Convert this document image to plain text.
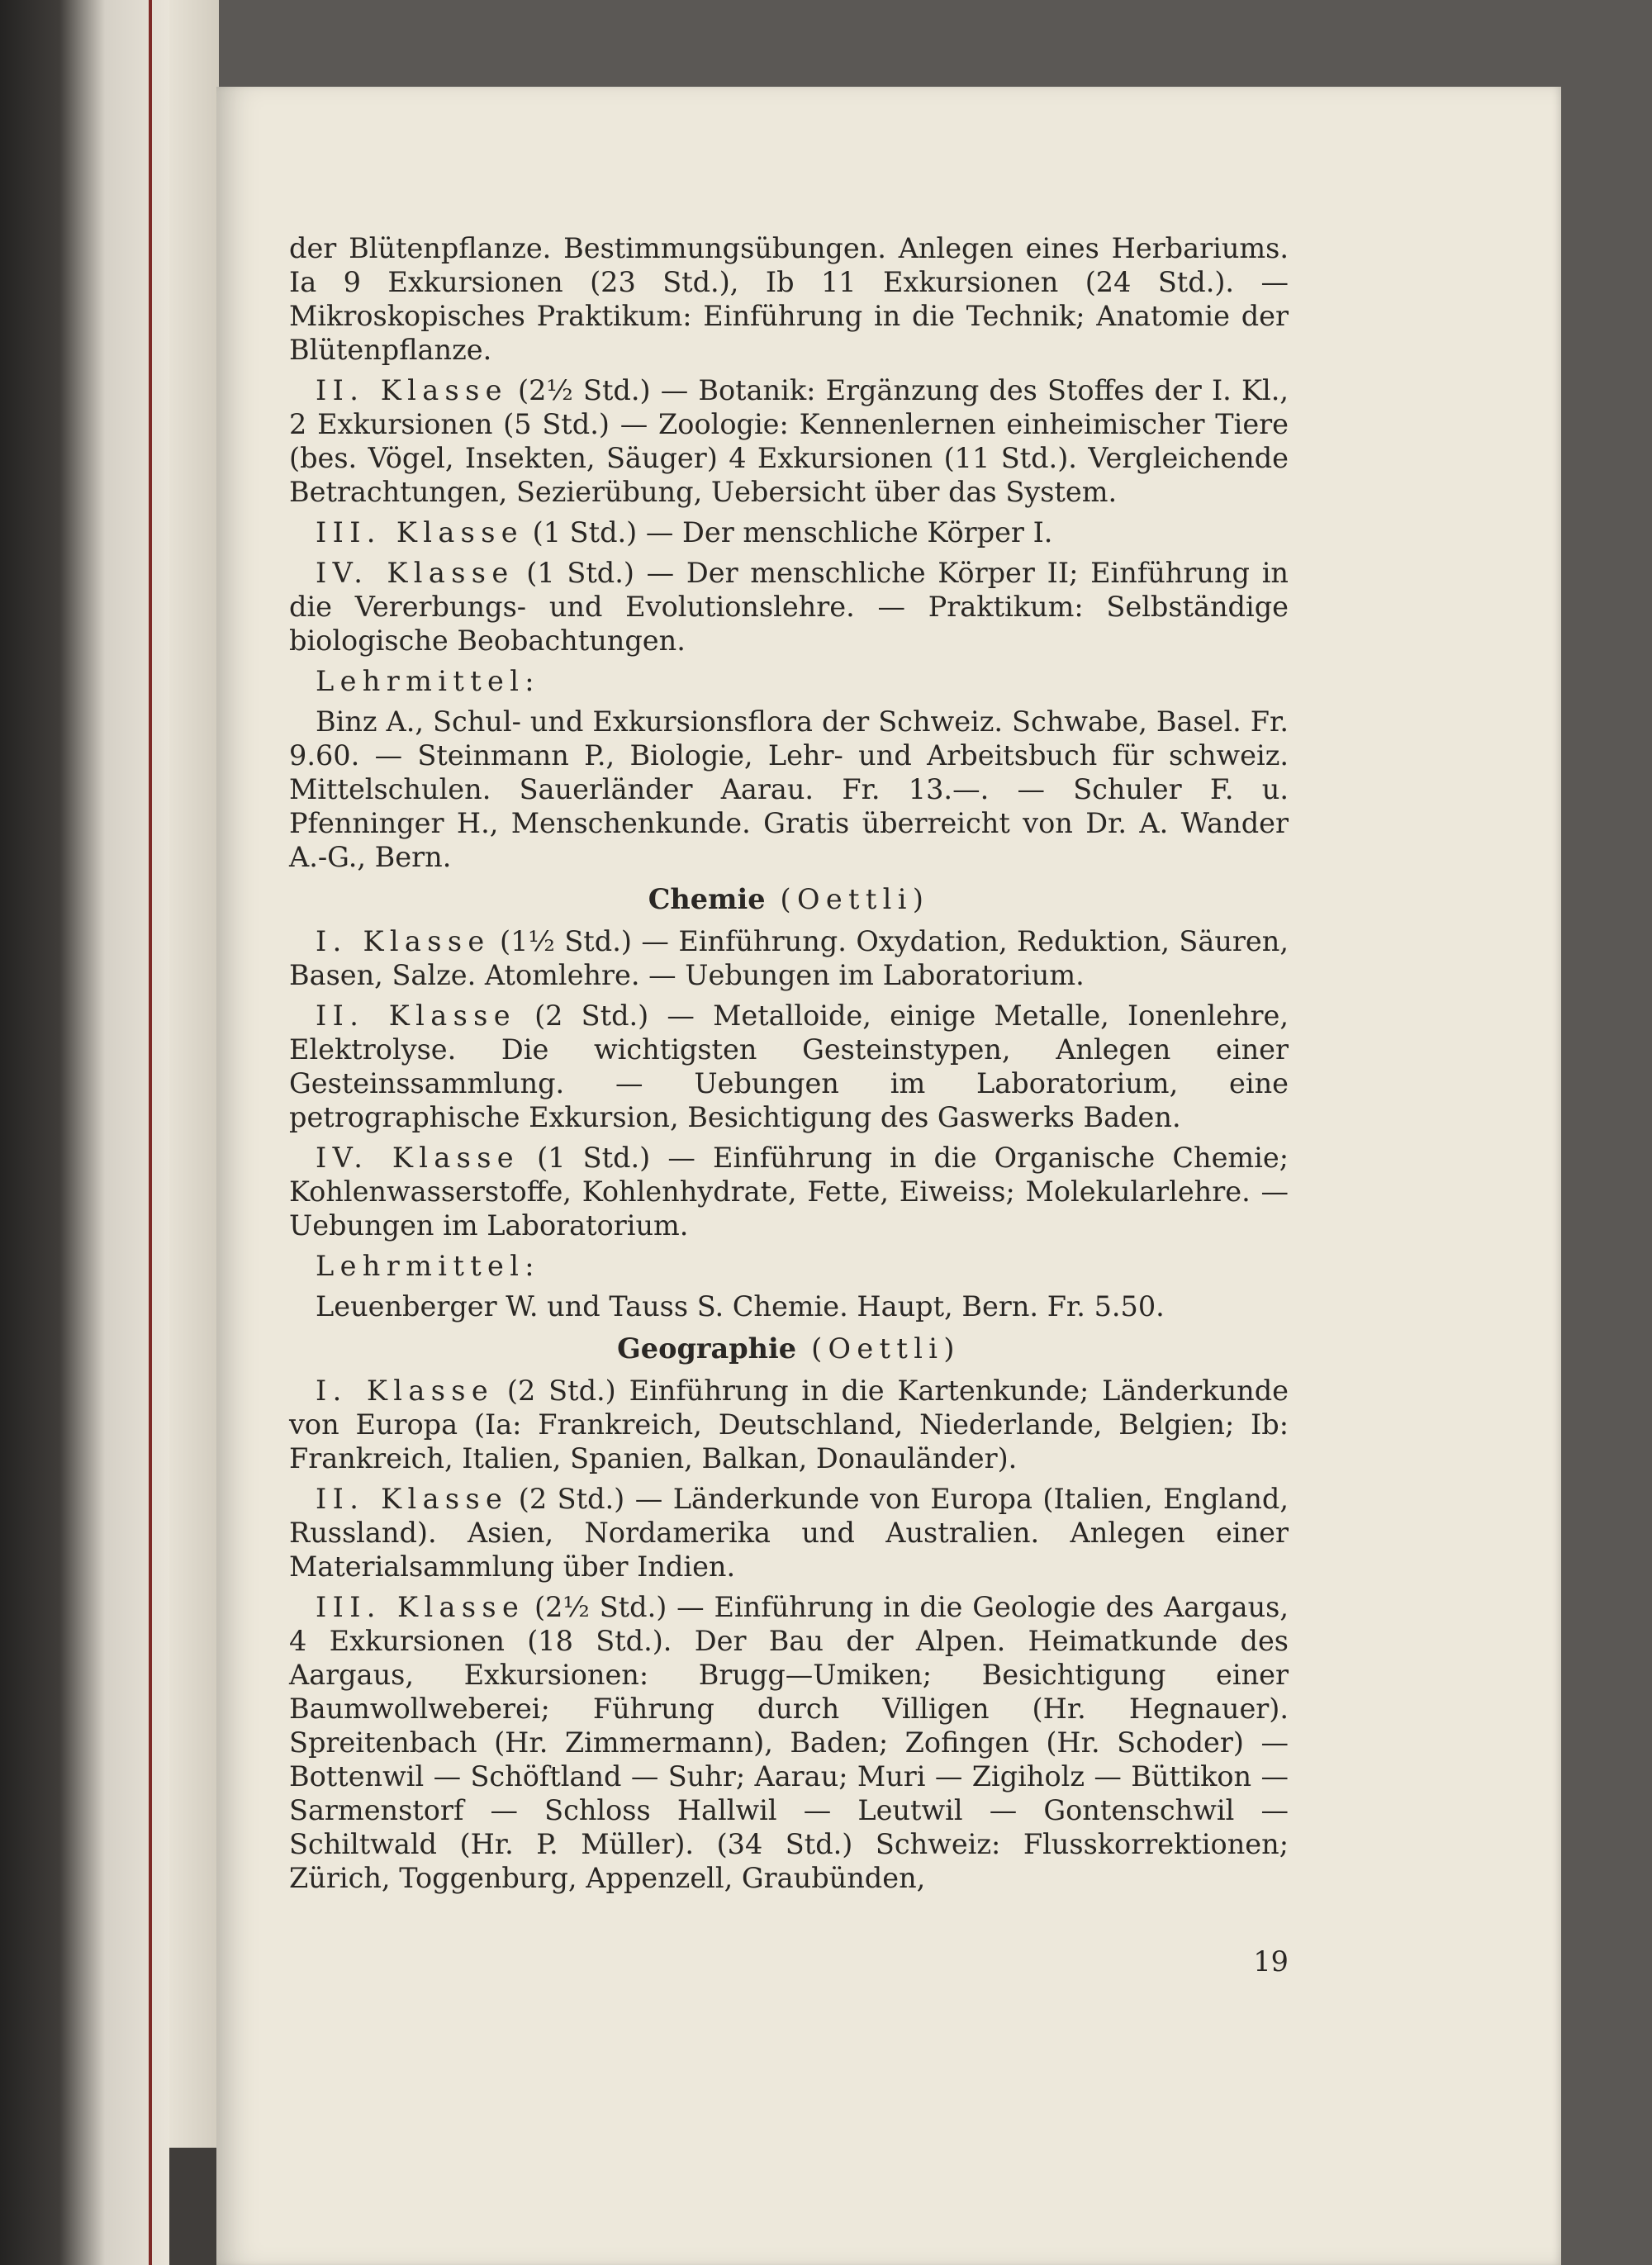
der Blütenpflanze. Bestimmungsübungen. Anlegen eines Herbariums. Ia 9 Exkursionen (23 Std.), Ib 11 Exkursionen (24 Std.). — Mikroskopisches Praktikum: Einführung in die Technik; Anatomie der Blütenpflanze.

II. Klasse (2½ Std.) — Botanik: Ergänzung des Stoffes der I. Kl., 2 Exkursionen (5 Std.) — Zoologie: Kennenlernen einheimischer Tiere (bes. Vögel, Insekten, Säuger) 4 Exkursionen (11 Std.). Vergleichende Betrachtungen, Sezierübung, Uebersicht über das System.

III. Klasse (1 Std.) — Der menschliche Körper I.

IV. Klasse (1 Std.) — Der menschliche Körper II; Einführung in die Vererbungs- und Evolutionslehre. — Praktikum: Selbständige biologische Beobachtungen.

Lehrmittel:

Binz A., Schul- und Exkursionsflora der Schweiz. Schwabe, Basel. Fr. 9.60. — Steinmann P., Biologie, Lehr- und Arbeitsbuch für schweiz. Mittelschulen. Sauerländer Aarau. Fr. 13.—. — Schuler F. u. Pfenninger H., Menschenkunde. Gratis überreicht von Dr. A. Wander A.-G., Bern.

Chemie (Oettli)

I. Klasse (1½ Std.) — Einführung. Oxydation, Reduktion, Säuren, Basen, Salze. Atomlehre. — Uebungen im Laboratorium.

II. Klasse (2 Std.) — Metalloide, einige Metalle, Ionenlehre, Elektrolyse. Die wichtigsten Gesteinstypen, Anlegen einer Gesteinssammlung. — Uebungen im Laboratorium, eine petrographische Exkursion, Besichtigung des Gaswerks Baden.

IV. Klasse (1 Std.) — Einführung in die Organische Chemie; Kohlenwasserstoffe, Kohlenhydrate, Fette, Eiweiss; Molekularlehre. — Uebungen im Laboratorium.

Lehrmittel:

Leuenberger W. und Tauss S. Chemie. Haupt, Bern. Fr. 5.50.

Geographie (Oettli)

I. Klasse (2 Std.) Einführung in die Kartenkunde; Länderkunde von Europa (Ia: Frankreich, Deutschland, Niederlande, Belgien; Ib: Frankreich, Italien, Spanien, Balkan, Donauländer).

II. Klasse (2 Std.) — Länderkunde von Europa (Italien, England, Russland). Asien, Nordamerika und Australien. Anlegen einer Materialsammlung über Indien.

III. Klasse (2½ Std.) — Einführung in die Geologie des Aargaus, 4 Exkursionen (18 Std.). Der Bau der Alpen. Heimatkunde des Aargaus, Exkursionen: Brugg—Umiken; Besichtigung einer Baumwollweberei; Führung durch Villigen (Hr. Hegnauer). Spreitenbach (Hr. Zimmermann), Baden; Zofingen (Hr. Schoder) — Bottenwil — Schöftland — Suhr; Aarau; Muri — Zigiholz — Büttikon — Sarmenstorf — Schloss Hallwil — Leutwil — Gontenschwil — Schiltwald (Hr. P. Müller). (34 Std.) Schweiz: Flusskorrektionen; Zürich, Toggenburg, Appenzell, Graubünden,

19
